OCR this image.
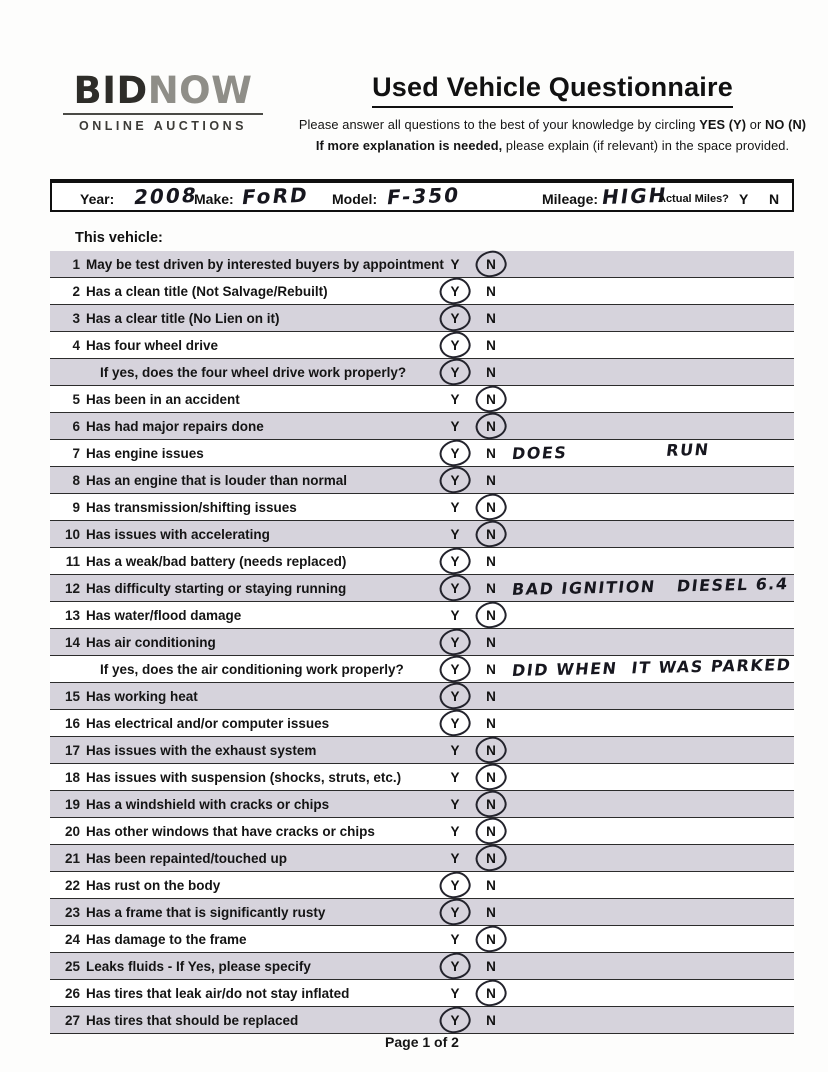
BIDNOW
ONLINE AUCTIONS
Used Vehicle Questionnaire
Please answer all questions to the best of your knowledge by circling YES (Y) or NO (N)
If more explanation is needed, please explain (if relevant) in the space provided.
Year: 2008
Make: FoRD Model: F-350	Mileage: HIGH
Actual Miles? Y N
This vehicle:
1 May be test driven by interested buyers by appointment Y	N
2 Has a clean title (Not Salvage/Rebuilt)	Y	N
3 Has a clear title (No Lien on it)	Y	N
4 Has four wheel drive	Y	N
If yes, does the four wheel drive work properly?	Y	N
5 Has been in an accident	Y	N
6 Has had major repairs done	Y	N
7 Has engine issues	Y	N DOES              RUN
8 Has an engine that is louder than normal	Y	N
9 Has transmission/shifting issues	Y	N
10 Has issues with accelerating	Y	N
11 Has a weak/bad battery (needs replaced)	Y	N
12 Has difficulty starting or staying running	Y	N BAD IGNITION   DIESEL 6.4
13 Has water/flood damage	Y	N
14 Has air conditioning	Y	N
If yes, does the air conditioning work properly?	Y	N DID WHEN  IT WAS PARKED
15 Has working heat	Y	N
16 Has electrical and/or computer issues	Y	N
17 Has issues with the exhaust system	Y	N
18 Has issues with suspension (shocks, struts, etc.)	Y	N
19 Has a windshield with cracks or chips	Y	N
20 Has other windows that have cracks or chips	Y	N
21 Has been repainted/touched up	Y	N
22 Has rust on the body	Y	N
23 Has a frame that is significantly rusty	Y	N
24 Has damage to the frame	Y	N
25 Leaks fluids - If Yes, please specify	Y	N
26 Has tires that leak air/do not stay inflated	Y	N
27 Has tires that should be replaced	Y	N
Page 1 of 2
